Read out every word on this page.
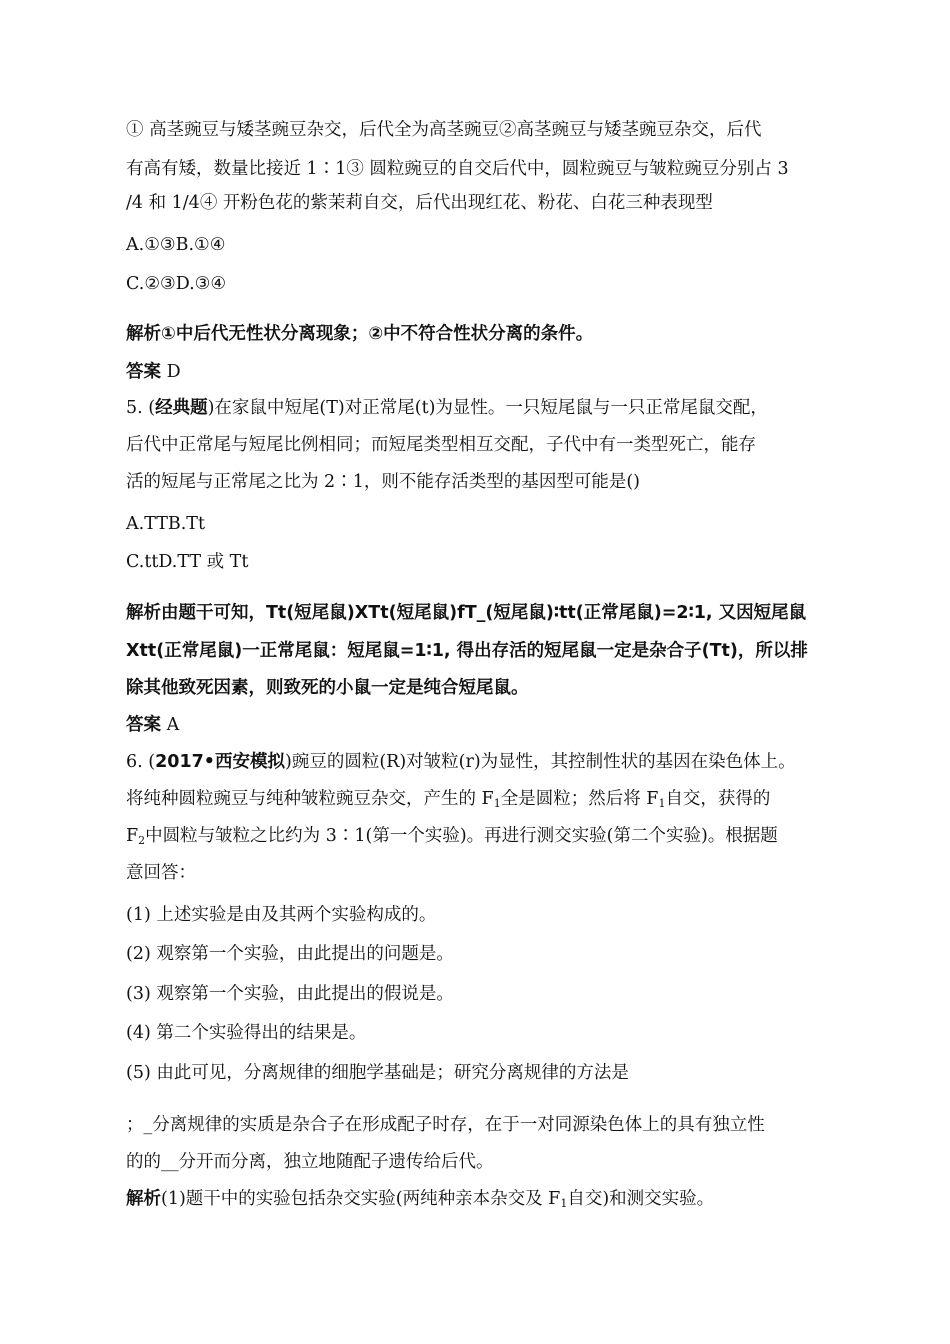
① 高茎豌豆与矮茎豌豆杂交，后代全为高茎豌豆②高茎豌豆与矮茎豌豆杂交，后代
有高有矮，数量比接近 1∶1③ 圆粒豌豆的自交后代中，圆粒豌豆与皱粒豌豆分别占 3
/4 和 1/4④ 开粉色花的紫茉莉自交，后代出现红花、粉花、白花三种表现型
A.①③B.①④
C.②③D.③④
解析①中后代无性状分离现象；②中不符合性状分离的条件。
答案 D
5. (经典题)在家鼠中短尾(T)对正常尾(t)为显性。一只短尾鼠与一只正常尾鼠交配，
后代中正常尾与短尾比例相同；而短尾类型相互交配，子代中有一类型死亡，能存
活的短尾与正常尾之比为 2∶1，则不能存活类型的基因型可能是()
A.TTB.Tt
C.ttD.TT 或 Tt
解析由题干可知，Tt(短尾鼠)XTt(短尾鼠)fT_(短尾鼠)∶tt(正常尾鼠)=2∶1, 又因短尾鼠
Xtt(正常尾鼠)一正常尾鼠：短尾鼠=1∶1, 得出存活的短尾鼠一定是杂合子(Tt)，所以排
除其他致死因素，则致死的小鼠一定是纯合短尾鼠。
答案 A
6. (2017•西安模拟)豌豆的圆粒(R)对皱粒(r)为显性，其控制性状的基因在染色体上。
将纯种圆粒豌豆与纯种皱粒豌豆杂交，产生的 $F_1$全是圆粒；然后将 $F_1$自交，获得的
$F_2$中圆粒与皱粒之比约为 3∶1(第一个实验)。再进行测交实验(第二个实验)。根据题
意回答：
(1) 上述实验是由及其两个实验构成的。
(2) 观察第一个实验，由此提出的问题是。
(3) 观察第一个实验，由此提出的假说是。
(4) 第二个实验得出的结果是。
(5) 由此可见，分离规律的细胞学基础是；研究分离规律的方法是
；_分离规律的实质是杂合子在形成配子时存，在于一对同源染色体上的具有独立性
的的__分开而分离，独立地随配子遗传给后代。
解析(1)题干中的实验包括杂交实验(两纯种亲本杂交及 $F_1$自交)和测交实验。
